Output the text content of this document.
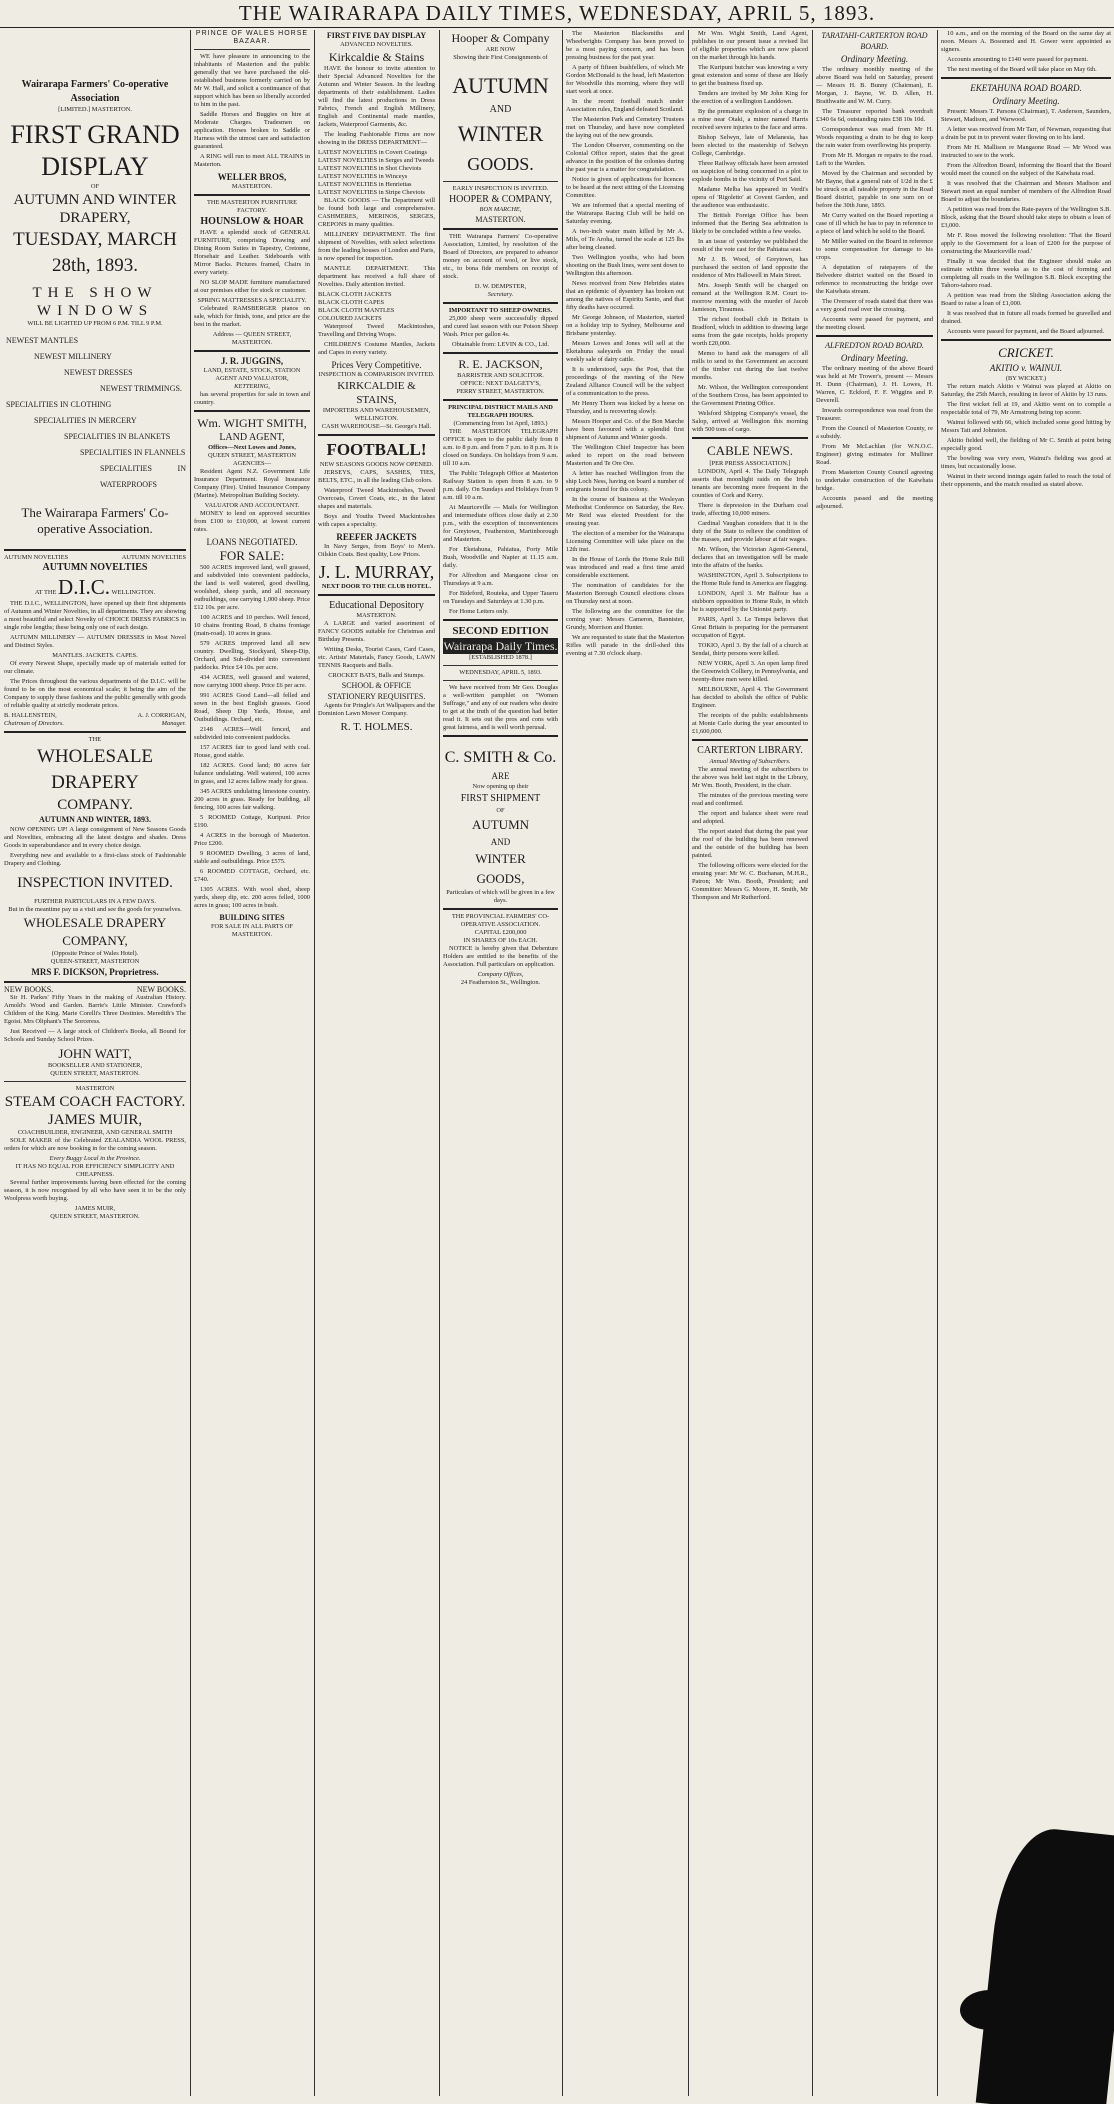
THE WAIRARAPA DAILY TIMES, WEDNESDAY, APRIL 5, 1893.
Wairarapa Farmers' Co-operative Association
[LIMITED.] MASTERTON.
FIRST GRAND DISPLAY
OF
AUTUMN AND WINTER
DRAPERY,
TUESDAY, MARCH 28th, 1893.
THE SHOW WINDOWS
WILL BE LIGHTED UP FROM 6 P.M. TILL 9 P.M.
NEWEST MANTLES
NEWEST MILLINERY
NEWEST DRESSES
NEWEST TRIMMINGS.
SPECIALITIES IN CLOTHING
SPECIALITIES IN MERCERY
SPECIALITIES IN BLANKETS
SPECIALITIES IN FLANNELS
SPECIALITIES IN WATERPROOFS
The Wairarapa Farmers' Co-operative Association.
AUTUMN NOVELTIES	AUTUMN NOVELTIES
AUTUMN NOVELTIES
AT THE D.I.C. WELLINGTON.
THE D.I.C., WELLINGTON, have opened up their first shipments of Autumn and Winter Novelties, in all departments. They are showing a most beautiful and select Novelty of CHOICE DRESS FABRICS in single robe lengths; these being only one of each design.
AUTUMN MILLINERY — AUTUMN DRESSES in Most Novel and Distinct Styles.
MANTLES. JACKETS. CAPES.
Of every Newest Shape, specially made up of materials suited for our climate.
The Prices throughout the various departments of the D.I.C. will be found to be on the most economical scale; it being the aim of the Company to supply these fashions and the public generally with goods of reliable quality at strictly moderate prices.
B. HALLENSTEIN,	A. J. CORRIGAN,
Chairman of Directors.	Manager.
THE
WHOLESALE DRAPERY
COMPANY.
AUTUMN AND WINTER, 1893.
NOW OPENING UP! A large consignment of New Seasons Goods and Novelties, embracing all the latest designs and shades. Dress Goods in superabundance and in every choice design.
Everything new and available to a first-class stock of Fashionable Drapery and Clothing.
INSPECTION INVITED.
FURTHER PARTICULARS IN A FEW DAYS.
But in the meantime pay us a visit and see the goods for yourselves.
WHOLESALE DRAPERY COMPANY,
(Opposite Prince of Wales Hotel).
QUEEN-STREET, MASTERTON
MRS F. DICKSON, Proprietress.
NEW BOOKS.	NEW BOOKS.
Sir H. Parkes' Fifty Years in the making of Australian History. Arnold's Wood and Garden. Barrie's Little Minister. Crawford's Children of the King. Marie Corelli's Three Destinies. Meredith's The Egoist. Mrs Oliphant's The Sorceress.
Just Received — A large stock of Children's Books, all Bound for Schools and Sunday School Prizes.
JOHN WATT,
BOOKSELLER AND STATIONER,
QUEEN STREET, MASTERTON.
MASTERTON
STEAM COACH FACTORY.
JAMES MUIR,
COACHBUILDER, ENGINEER, AND GENERAL SMITH
SOLE MAKER of the Celebrated ZEALANDIA WOOL PRESS, orders for which are now booking in for the coming season.
Every Buggy Local in the Province.
IT HAS NO EQUAL FOR EFFICIENCY SIMPLICITY AND CHEAPNESS.
Several further improvements having been effected for the coming season, it is now recognised by all who have seen it to be the only Woolpress worth buying.
JAMES MUIR,
QUEEN STREET, MASTERTON.
PRINCE OF WALES HORSE BAZAAR.
WE have pleasure in announcing to the inhabitants of Masterton and the public generally that we have purchased the old-established business formerly carried on by Mr W. Hall, and solicit a continuance of that support which has been so liberally accorded to him in the past.
Saddle Horses and Buggies on hire at Moderate Charges. Tradesmen on application. Horses broken to Saddle or Harness with the utmost care and satisfaction guaranteed.
A RING will run to meet ALL TRAINS in Masterton.
WELLER BROS,
MASTERTON.
THE MASTERTON FURNITURE FACTORY.
HOUNSLOW & HOAR
HAVE a splendid stock of GENERAL FURNITURE, comprising Drawing and Dining Room Suites in Tapestry, Cretonne, Horsehair and Leather. Sideboards with Mirror Backs. Pictures framed, Chairs in every variety.
NO SLOP MADE furniture manufactured at our premises either for stock or customer.
SPRING MATTRESSES A SPECIALITY.
Celebrated RAMSBERGER pianos on sale, which for finish, tone, and price are the best in the market.
Address — QUEEN STREET, MASTERTON.
J. R. JUGGINS,
LAND, ESTATE, STOCK, STATION AGENT AND VALUATOR,
KETTERING,
has several properties for sale in town and country.
Wm. WIGHT SMITH,
LAND AGENT,
Offices—Next Lowes and Jones,
QUEEN STREET, MASTERTON
AGENCIES—
Resident Agent N.Z. Government Life Insurance Department. Royal Insurance Company (Fire). United Insurance Company (Marine). Metropolitan Building Society.
VALUATOR AND ACCOUNTANT.
MONEY to lend on approved securities from £100 to £10,000, at lowest current rates.
LOANS NEGOTIATED.
FOR SALE:
500 ACRES improved land, well grassed, and subdivided into convenient paddocks, the land is well watered, good dwelling, woolshed, sheep yards, and all necessary outbuildings, one carrying 1,000 sheep. Price £12 10s. per acre.
100 ACRES and 10 perches. Well fenced, 10 chains fronting Road, 8 chains frontage (main-road). 10 acres in grass.
579 ACRES improved land all new country. Dwelling, Stockyard, Sheep-Dip, Orchard, and Sub-divided into convenient paddocks. Price £4 10s. per acre.
434 ACRES, well grassed and watered, now carrying 1000 sheep. Price £6 per acre.
991 ACRES Good Land—all felled and sown in the best English grasses. Good Road, Sheep Dip Yards, House, and Outbuildings. Orchard, etc.
2148 ACRES—Well fenced, and subdivided into convenient paddocks.
157 ACRES fair to good land with coal. House, good stable.
182 ACRES. Good land; 80 acres fair balance undulating. Well watered, 100 acres in grass, and 12 acres fallow ready for grass.
345 ACRES undulating limestone country. 200 acres in grass. Ready for building, all fencing, 100 acres fair walking.
5 ROOMED Cottage, Kuripuni. Price £190.
4 ACRES in the borough of Masterton. Price £200.
9 ROOMED Dwelling, 3 acres of land, stable and outbuildings. Price £575.
6 ROOMED COTTAGE, Orchard, etc. £740.
1305 ACRES. With wool shed, sheep yards, sheep dip, etc. 200 acres felled, 1000 acres in grass; 100 acres in bush.
BUILDING SITES
FOR SALE IN ALL PARTS OF MASTERTON.
FIRST FIVE DAY DISPLAY
ADVANCED NOVELTIES.
Kirkcaldie & Stains
HAVE the honour to invite attention to their Special Advanced Novelties for the Autumn and Winter Season. In the leading departments of their establishment. Ladies will find the latest productions in Dress Fabrics, French and English Millinery, English and Continental made mantles, Jackets, Waterproof Garments, &c.
The leading Fashionable Firms are now showing in the DRESS DEPARTMENT—
LATEST NOVELTIES in Covert Coatings
LATEST NOVELTIES in Serges and Tweeds
LATEST NOVELTIES in Shot Cheviots
LATEST NOVELTIES in Winceys
LATEST NOVELTIES in Henriettas
LATEST NOVELTIES in Stripe Cheviots
BLACK GOODS — The Department will be found both large and comprehensive. CASHMERES, MERINOS, SERGES, CREPONS in many qualities.
MILLINERY DEPARTMENT. The first shipment of Novelties, with select selections from the leading houses of London and Paris, is now opened for inspection.
MANTLE DEPARTMENT. This department has received a full share of Novelties. Daily attention invited.
BLACK CLOTH JACKETS
BLACK CLOTH CAPES
BLACK CLOTH MANTLES
COLOURED JACKETS
Waterproof Tweed Mackintoshes, Travelling and Driving Wraps.
CHILDREN'S Costume Mantles, Jackets and Capes in every variety.
Prices Very Competitive.
INSPECTION & COMPARISON INVITED.
KIRKCALDIE & STAINS,
IMPORTERS AND WAREHOUSEMEN,
WELLINGTON.
CASH WAREHOUSE—St. George's Hall.
FOOTBALL!
NEW SEASONS GOODS NOW OPENED.
JERSEYS, CAPS, SASHES, TIES, BELTS, ETC., in all the leading Club colors.
Waterproof Tweed Mackintoshes, Tweed Overcoats, Covert Coats, etc., in the latest shapes and materials.
Boys and Youths Tweed Mackintoshes with capes a speciality.
REEFER JACKETS
In Navy Serges, from Boys' to Men's. Oilskin Coats. Best quality, Low Prices.
J. L. MURRAY,
NEXT DOOR TO THE CLUB HOTEL.
Educational Depository
MASTERTON.
A LARGE and varied assortment of FANCY GOODS suitable for Christmas and Birthday Presents.
Writing Desks, Tourist Cases, Card Cases, etc. Artists' Materials, Fancy Goods, LAWN TENNIS Racquets and Balls.
CROCKET BATS, Balls and Stumps.
SCHOOL & OFFICE STATIONERY REQUISITES.
Agents for Pringle's Art Wallpapers and the Dominion Lawn Mower Company.
R. T. HOLMES.
Hooper & Company
ARE NOW
Showing their First Consignments of
AUTUMN
AND
WINTER
GOODS.
EARLY INSPECTION IS INVITED.
HOOPER & COMPANY,
BON MARCHE,
MASTERTON.
THE Wairarapa Farmers' Co-operative Association, Limited, by resolution of the Board of Directors, are prepared to advance money on account of wool, or live stock, etc., to bona fide members on receipt of stock.
D. W. DEMPSTER,
Secretary.
IMPORTANT TO SHEEP OWNERS.
25,000 sheep were successfully dipped and cured last season with our Poison Sheep Wash. Price per gallon 4s.
Obtainable from: LEVIN & CO., Ltd.
R. E. JACKSON,
BARRISTER AND SOLICITOR.
OFFICE: NEXT DALGETY'S,
PERRY STREET, MASTERTON.
PRINCIPAL DISTRICT MAILS AND TELEGRAPH HOURS.
(Commencing from 1st April, 1893.)
THE MASTERTON TELEGRAPH OFFICE is open to the public daily from 8 a.m. to 8 p.m. and from 7 p.m. to 8 p.m. It is closed on Sundays. On holidays from 9 a.m. till 10 a.m.
The Public Telegraph Office at Masterton Railway Station is open from 8 a.m. to 9 p.m. daily. On Sundays and Holidays from 9 a.m. till 10 a.m.
At Mauriceville — Mails for Wellington and intermediate offices close daily at 2.30 p.m., with the exception of inconveniences for Greytown, Featherston, Martinborough and Masterton.
For Eketahuna, Pahiatua, Forty Mile Bush, Woodville and Napier at 11.15 a.m. daily.
For Alfredton and Mangaone close on Thursdays at 9 a.m.
For Bideford, Routeka, and Upper Taueru on Tuesdays and Saturdays at 1.30 p.m.
For Home Letters only.
SECOND EDITION
Wairarapa Daily Times.
[ESTABLISHED 1878.]
WEDNESDAY, APRIL 5, 1893.
We have received from Mr Geo. Douglas a well-written pamphlet on "Women Suffrage," and any of our readers who desire to get at the truth of the question had better read it. It sets out the pros and cons with great fairness, and is well worth perusal.
C. SMITH & Co.
ARE
Now opening up their
FIRST SHIPMENT
OF
AUTUMN
AND
WINTER
GOODS,
Particulars of which will be given in a few days.
THE PROVINCIAL FARMERS' CO-OPERATIVE ASSOCIATION.
CAPITAL £200,000
IN SHARES OF 10s EACH.
NOTICE is hereby given that Debenture Holders are entitled to the benefits of the Association. Full particulars on application.
Company Offices,
24 Featherston St., Wellington.
The Masterton Blacksmiths and Wheelwrights Company has been proved to be a most paying concern, and has been pressing business for the past year.
A party of fifteen bushfellers, of which Mr Gordon McDonald is the head, left Masterton for Woodville this morning, where they will start work at once.
In the recent football match under Association rules, England defeated Scotland.
The Masterton Park and Cemetery Trustees met on Thursday, and have now completed the laying out of the new grounds.
The London Observer, commenting on the Colonial Office report, states that the great advance in the position of the colonies during the past year is a matter for congratulation.
Notice is given of applications for licences to be heard at the next sitting of the Licensing Committee.
We are informed that a special meeting of the Wairarapa Racing Club will be held on Saturday evening.
A two-inch water main killed by Mr A. Mils, of Te Aroha, turned the scale at 125 lbs after being cleaned.
Two Wellington youths, who had been shooting on the Bush lines, were sent down to Wellington this afternoon.
News received from New Hebrides states that an epidemic of dysentery has broken out among the natives of Espiritu Santo, and that fifty deaths have occurred.
Mr George Johnson, of Masterton, started on a holiday trip to Sydney, Melbourne and Brisbane yesterday.
Messrs Lowes and Jones will sell at the Eketahuna saleyards on Friday the usual weekly sale of dairy cattle.
It is understood, says the Post, that the proceedings of the meeting of the New Zealand Alliance Council will be the subject of a communication to the press.
Mr Henry Thorn was kicked by a horse on Thursday, and is recovering slowly.
Messrs Hooper and Co. of the Bon Marche have been favoured with a splendid first shipment of Autumn and Winter goods.
The Wellington Chief Inspector has been asked to report on the road between Masterton and Te Ore Ore.
A letter has reached Wellington from the ship Loch Ness, having on board a number of emigrants bound for this colony.
In the course of business at the Wesleyan Methodist Conference on Saturday, the Rev. Mr Reid was elected President for the ensuing year.
The election of a member for the Wairarapa Licensing Committee will take place on the 12th inst.
In the House of Lords the Home Rule Bill was introduced and read a first time amid considerable excitement.
The nomination of candidates for the Masterton Borough Council elections closes on Thursday next at noon.
The following are the committee for the coming year: Messrs Cameron, Bannister, Grundy, Morrison and Hunter.
We are requested to state that the Masterton Rifles will parade in the drill-shed this evening at 7.30 o'clock sharp.
Mr Wm. Wight Smith, Land Agent, publishes in our present issue a revised list of eligible properties which are now placed on the market through his hands.
The Kuripuni butcher was knowing a very great extension and some of these are likely to get the business fixed up.
Tenders are invited by Mr John King for the erection of a wellington Landdown.
By the premature explosion of a charge in a mine near Otaki, a miner named Harris received severe injuries to the face and arms.
Bishop Selwyn, late of Melanesia, has been elected to the mastership of Selwyn College, Cambridge.
Three Railway officials have been arrested on suspicion of being concerned in a plot to explode bombs in the vicinity of Port Said.
Madame Melba has appeared in Verdi's opera of 'Rigoletto' at Covent Garden, and the audience was enthusiastic.
The British Foreign Office has been informed that the Bering Sea arbitration is likely to be concluded within a few weeks.
In an issue of yesterday we published the result of the vote cast for the Pahiatua seat.
Mr J. B. Wood, of Greytown, has purchased the section of land opposite the residence of Mrs Hallowell in Main Street.
Mrs. Joseph Smith will be charged on remand at the Wellington R.M. Court to-morrow morning with the murder of Jacob Jamieson, Tiraumea.
The richest football club in Britain is Bradford, which in addition to drawing large sums from the gate receipts, holds property worth £20,000.
Memo to hand ask the managers of all mills to send to the Government an account of the timber cut during the last twelve months.
Mr. Wilson, the Wellington correspondent of the Southern Cross, has been appointed to the Government Printing Office.
Welsford Shipping Company's vessel, the Salop, arrived at Wellington this morning with 500 tons of cargo.
CABLE NEWS.
[PER PRESS ASSOCIATION.]
LONDON, April 4. The Daily Telegraph asserts that moonlight raids on the Irish tenants are becoming more frequent in the counties of Cork and Kerry.
There is depression in the Durham coal trade, affecting 10,000 miners.
Cardinal Vaughan considers that it is the duty of the State to relieve the condition of the masses, and provide labour at fair wages.
Mr. Wilson, the Victorian Agent-General, declares that an investigation will be made into the affairs of the banks.
WASHINGTON, April 3. Subscriptions to the Home Rule fund in America are flagging.
LONDON, April 3. Mr Balfour has a stubborn opposition to Home Rule, in which he is supported by the Unionist party.
PARIS, April 3. Le Temps believes that Great Britain is preparing for the permanent occupation of Egypt.
TOKIO, April 3. By the fall of a church at Sendai, thirty persons were killed.
NEW YORK, April 3. An open lamp fired the Greenwich Colliery, in Pennsylvania, and twenty-three men were killed.
MELBOURNE, April 4. The Government has decided to abolish the office of Public Engineer.
The receipts of the public establishments at Monte Carlo during the year amounted to £1,600,000.
CARTERTON LIBRARY.
Annual Meeting of Subscribers.
The annual meeting of the subscribers to the above was held last night in the Library, Mr Wm. Booth, President, in the chair.
The minutes of the previous meeting were read and confirmed.
The report and balance sheet were read and adopted.
The report stated that during the past year the roof of the building has been renewed and the outside of the building has been painted.
The following officers were elected for the ensuing year: Mr W. C. Buchanan, M.H.R., Patron; Mr Wm. Booth, President; and Committee: Messrs G. Moore, H. Smith, Mr Thompson and Mr Rutherford.
TARATAHI-CARTERTON ROAD BOARD.
Ordinary Meeting.
The ordinary monthly meeting of the above Board was held on Saturday, present — Messrs H. B. Bunny (Chairman), E. Morgan, J. Bayne, W. D. Allen, H. Braithwaite and W. M. Curry.
The Treasurer reported bank overdraft £340 6s 6d, outstanding rates £38 10s 10d.
Correspondence was read from Mr H. Woods requesting a drain to be dug to keep the rain water from overflowing his property.
From Mr H. Morgan re repairs to the road. Left to the Warden.
Moved by the Chairman and seconded by Mr Bayne, that a general rate of 1/2d in the £ be struck on all rateable property in the Road Board district, payable in one sum on or before the 30th June, 1893.
Mr Curry waited on the Board reporting a case of ill which he has to pay in reference to a piece of land which he sold to the Board.
Mr Miller waited on the Board in reference to some compensation for damage to his crops.
A deputation of ratepayers of the Belvedere district waited on the Board in reference to reconstructing the bridge over the Kaiwhata stream.
The Overseer of roads stated that there was a very good road over the crossing.
Accounts were passed for payment, and the meeting closed.
ALFREDTON ROAD BOARD.
Ordinary Meeting.
The ordinary meeting of the above Board was held at Mr Trower's, present — Messrs H. Dunn (Chairman), J. H. Lowes, H. Warren, C. Eckford, F. F. Wiggins and P. Deverell.
Inwards correspondence was read from the Treasurer.
From the Council of Masterton County, re a subsidy.
From Mr McLachlan (for W.N.O.C. Engineer) giving estimates for Mulliner Road.
From Masterton County Council agreeing to undertake construction of the Kaiwhata bridge.
Accounts passed and the meeting adjourned.
10 a.m., and on the morning of the Board on the same day at noon. Messrs A. Bosomed and H. Gower were appointed as signers.
Accounts amounting to £140 were passed for payment.
The next meeting of the Board will take place on May 6th.
EKETAHUNA ROAD BOARD.
Ordinary Meeting.
Present: Messrs T. Parsons (Chairman), T. Anderson, Saunders, Stewart, Madison, and Warwood.
A letter was received from Mr Tarr, of Newman, requesting that a drain be put in to prevent water flowing on to his land.
From Mr H. Mallison re Mangaone Road — Mr Wood was instructed to see to the work.
From the Alfredton Board, informing the Board that the Board would meet the council on the subject of the Kaiwhata road.
It was resolved that the Chairman and Messrs Madison and Stewart meet an equal number of members of the Alfredton Road Board to adjust the boundaries.
A petition was read from the Rate-payers of the Wellington S.B. Block, asking that the Board should take steps to obtain a loan of £3,000.
Mr F. Ross moved the following resolution: 'That the Board apply to the Government for a loan of £200 for the purpose of constructing the Mauriceville road.'
Finally it was decided that the Engineer should make an estimate within three weeks as to the cost of forming and completing all roads in the Wellington S.B. Block excepting the Tahoro-tahoro road.
A petition was read from the Sliding Association asking the Board to raise a loan of £1,000.
It was resolved that in future all roads formed be gravelled and drained.
Accounts were passed for payment, and the Board adjourned.
CRICKET.
AKITIO v. WAINUI.
(BY WICKET.)
The return match Akitio v Wainui was played at Akitio on Saturday, the 25th March, resulting in favor of Akitio by 13 runs.
The first wicket fell at 19, and Akitio went on to compile a respectable total of 79, Mr Armstrong being top scorer.
Wainui followed with 66, which included some good hitting by Messrs Tait and Johnston.
Akitio fielded well, the fielding of Mr C. Smith at point being especially good.
The bowling was very even, Wainui's fielding was good at times, but occasionally loose.
Wainui in their second innings again failed to reach the total of their opponents, and the match resulted as stated above.
